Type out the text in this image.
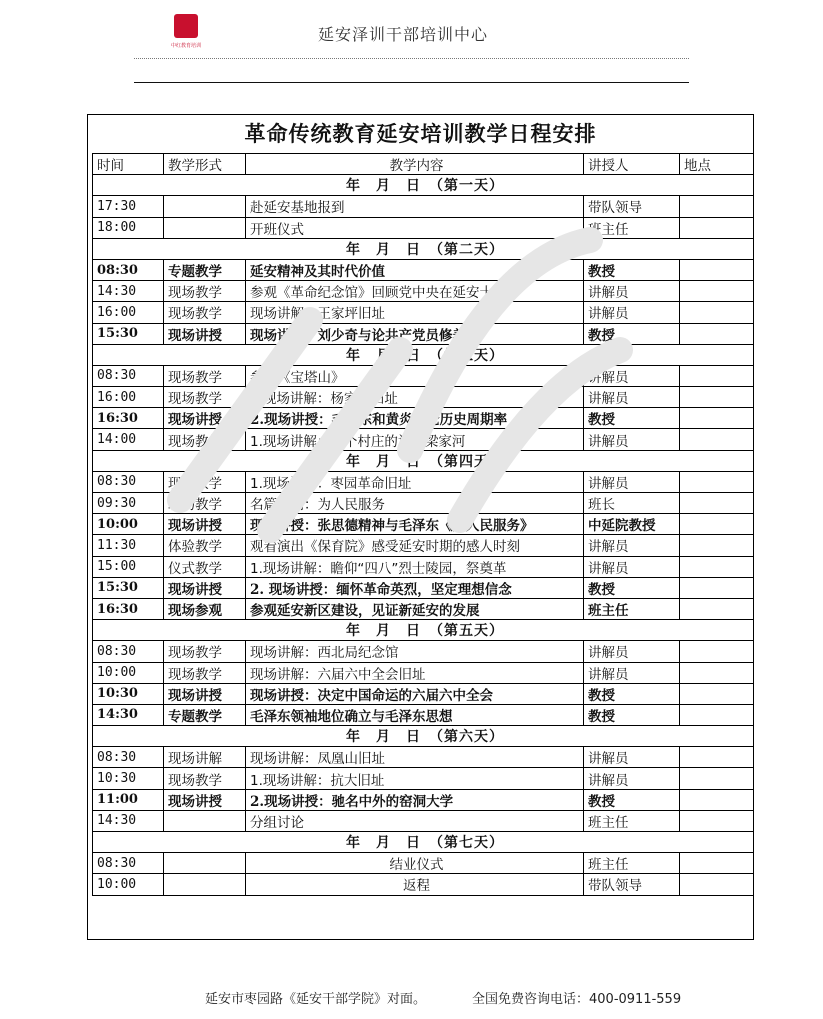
中红教育培训
延安泽训干部培训中心
革命传统教育延安培训教学日程安排
时间	教学形式	教学内容	讲授人	地点
年　月　日　（第一天）				
17:30		赴延安基地报到	带队领导	
18:00		开班仪式	班主任	
年　月　日　（第二天）				
08:30	专题教学	延安精神及其时代价值	教授	
14:30	现场教学	参观《革命纪念馆》回顾党中央在延安十三年	讲解员	
16:00	现场教学	现场讲解：王家坪旧址	讲解员	
15:30	现场讲授	现场讲授：刘少奇与论共产党员修养	教授	
年　月　日　（第三天）				
08:30	现场教学	参观《宝塔山》	讲解员	
16:00	现场教学	1.现场讲解：杨家岭旧址	讲解员	
16:30	现场讲授	2.现场讲授：毛泽东和黄炎培论历史周期率	教授	
14:00	现场教学	1.现场讲解：一个村庄的记忆梁家河	讲解员	
年　月　日　（第四天）				
08:30	现场教学	1.现场讲解：枣园革命旧址	讲解员	
09:30	现场教学	名篇朗诵：为人民服务	班长	
10:00	现场讲授	现场讲授：张思德精神与毛泽东《为人民服务》	中延院教授	
11:30	体验教学	观看演出《保育院》感受延安时期的感人时刻	讲解员	
15:00	仪式教学	1.现场讲解：瞻仰“四八”烈士陵园，祭奠革	讲解员	
15:30	现场讲授	2. 现场讲授：缅怀革命英烈，坚定理想信念	教授	
16:30	现场参观	参观延安新区建设，见证新延安的发展	班主任	
年　月　日　（第五天）				
08:30	现场教学	现场讲解：西北局纪念馆	讲解员	
10:00	现场教学	现场讲解：六届六中全会旧址	讲解员	
10:30	现场讲授	现场讲授：决定中国命运的六届六中全会	教授	
14:30	专题教学	毛泽东领袖地位确立与毛泽东思想	教授	
年　月　日　（第六天）				
08:30	现场讲解	现场讲解：凤凰山旧址	讲解员	
10:30	现场教学	1.现场讲解：抗大旧址	讲解员	
11:00	现场讲授	2.现场讲授：驰名中外的窑洞大学	教授	
14:30		分组讨论	班主任	
年　月　日　（第七天）				
08:30		结业仪式	班主任	
10:00		返程	带队领导	
延安市枣园路《延安干部学院》对面。	全国免费咨询电话：400-0911-559
